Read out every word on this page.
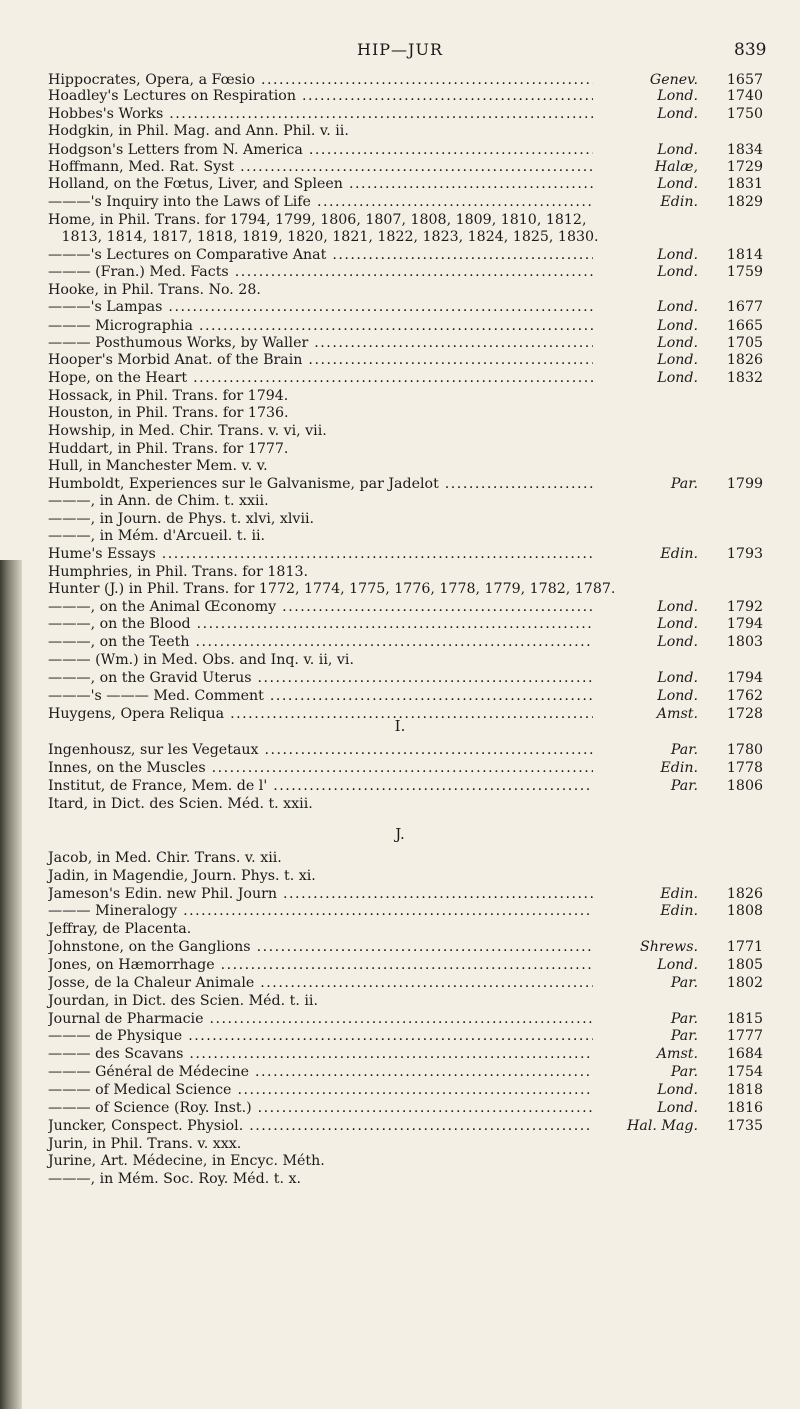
HIP—JUR	839
Hippocrates, Opera, a Fœsio .....	Genev.	1657
Hoadley's Lectures on Respiration .....	Lond.	1740
Hobbes's Works .....	Lond.	1750
Hodgkin, in Phil. Mag. and Ann. Phil. v. ii.
Hodgson's Letters from N. America .....	Lond.	1834
Hoffmann, Med. Rat. Syst .....	Halæ,	1729
Holland, on the Fœtus, Liver, and Spleen .....	Lond.	1831
———'s Inquiry into the Laws of Life .....	Edin.	1829
Home, in Phil. Trans. for 1794, 1799, 1806, 1807, 1808, 1809, 1810, 1812,
1813, 1814, 1817, 1818, 1819, 1820, 1821, 1822, 1823, 1824, 1825, 1830.
———'s Lectures on Comparative Anat .....	Lond.	1814
——— (Fran.) Med. Facts .....	Lond.	1759
Hooke, in Phil. Trans. No. 28.
———'s Lampas .....	Lond.	1677
——— Micrographia .....	Lond.	1665
——— Posthumous Works, by Waller .....	Lond.	1705
Hooper's Morbid Anat. of the Brain .....	Lond.	1826
Hope, on the Heart .....	Lond.	1832
Hossack, in Phil. Trans. for 1794.
Houston, in Phil. Trans. for 1736.
Howship, in Med. Chir. Trans. v. vi, vii.
Huddart, in Phil. Trans. for 1777.
Hull, in Manchester Mem. v. v.
Humboldt, Experiences sur le Galvanisme, par Jadelot .....	Par.	1799
———, in Ann. de Chim. t. xxii.
———, in Journ. de Phys. t. xlvi, xlvii.
———, in Mém. d'Arcueil. t. ii.
Hume's Essays .....	Edin.	1793
Humphries, in Phil. Trans. for 1813.
Hunter (J.) in Phil. Trans. for 1772, 1774, 1775, 1776, 1778, 1779, 1782, 1787.
———, on the Animal Œconomy .....	Lond.	1792
———, on the Blood .....	Lond.	1794
———, on the Teeth .....	Lond.	1803
——— (Wm.) in Med. Obs. and Inq. v. ii, vi.
———, on the Gravid Uterus .....	Lond.	1794
———'s ——— Med. Comment .....	Lond.	1762
Huygens, Opera Reliqua .....	Amst.	1728
I.
Ingenhousz, sur les Vegetaux .....	Par.	1780
Innes, on the Muscles .....	Edin.	1778
Institut, de France, Mem. de l' .....	Par.	1806
Itard, in Dict. des Scien. Méd. t. xxii.
J.
Jacob, in Med. Chir. Trans. v. xii.
Jadin, in Magendie, Journ. Phys. t. xi.
Jameson's Edin. new Phil. Journ .....	Edin.	1826
——— Mineralogy .....	Edin.	1808
Jeffray, de Placenta.
Johnstone, on the Ganglions .....	Shrews.	1771
Jones, on Hæmorrhage .....	Lond.	1805
Josse, de la Chaleur Animale .....	Par.	1802
Jourdan, in Dict. des Scien. Méd. t. ii.
Journal de Pharmacie .....	Par.	1815
——— de Physique .....	Par.	1777
——— des Scavans .....	Amst.	1684
——— Général de Médecine .....	Par.	1754
——— of Medical Science .....	Lond.	1818
——— of Science (Roy. Inst.) .....	Lond.	1816
Juncker, Conspect. Physiol. .....	Hal. Mag.	1735
Jurin, in Phil. Trans. v. xxx.
Jurine, Art. Médecine, in Encyc. Méth.
———, in Mém. Soc. Roy. Méd. t. x.
